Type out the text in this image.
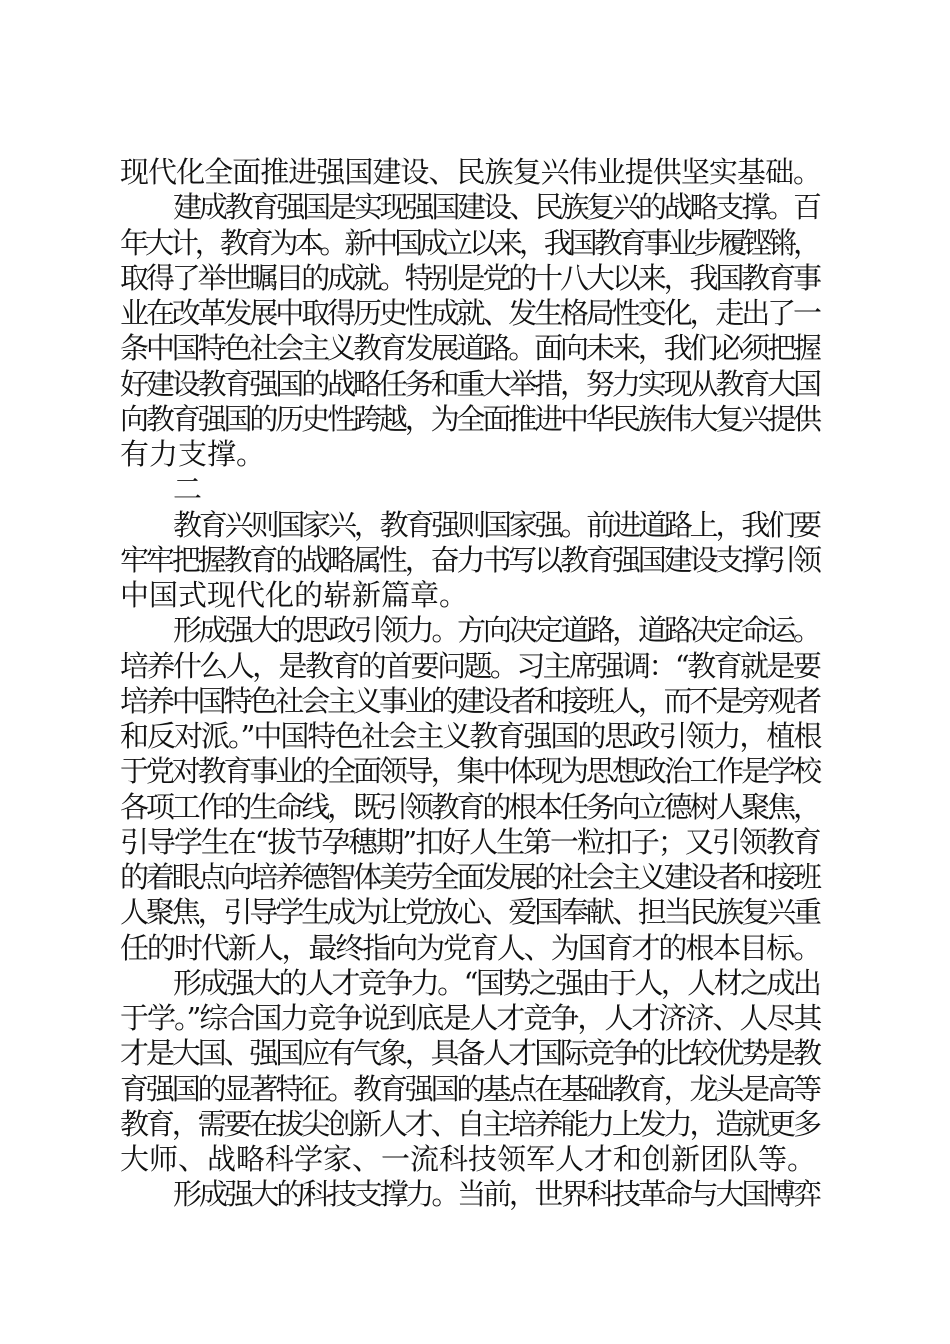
现代化全面推进强国建设、民族复兴伟业提供坚实基础。
建成教育强国是实现强国建设、民族复兴的战略支撑。百
年大计，教育为本。新中国成立以来，我国教育事业步履铿锵，
取得了举世瞩目的成就。特别是党的十八大以来，我国教育事
业在改革发展中取得历史性成就、发生格局性变化，走出了一
条中国特色社会主义教育发展道路。面向未来，我们必须把握
好建设教育强国的战略任务和重大举措，努力实现从教育大国
向教育强国的历史性跨越，为全面推进中华民族伟大复兴提供
有力支撑。
二
教育兴则国家兴，教育强则国家强。前进道路上，我们要
牢牢把握教育的战略属性，奋力书写以教育强国建设支撑引领
中国式现代化的崭新篇章。
形成强大的思政引领力。方向决定道路，道路决定命运。
培养什么人，是教育的首要问题。习主席强调：“教育就是要
培养中国特色社会主义事业的建设者和接班人，而不是旁观者
和反对派。”中国特色社会主义教育强国的思政引领力，植根
于党对教育事业的全面领导，集中体现为思想政治工作是学校
各项工作的生命线，既引领教育的根本任务向立德树人聚焦，
引导学生在“拔节孕穗期”扣好人生第一粒扣子；又引领教育
的着眼点向培养德智体美劳全面发展的社会主义建设者和接班
人聚焦，引导学生成为让党放心、爱国奉献、担当民族复兴重
任的时代新人，最终指向为党育人、为国育才的根本目标。
形成强大的人才竞争力。“国势之强由于人，人材之成出
于学。”综合国力竞争说到底是人才竞争，人才济济、人尽其
才是大国、强国应有气象，具备人才国际竞争的比较优势是教
育强国的显著特征。教育强国的基点在基础教育，龙头是高等
教育，需要在拔尖创新人才、自主培养能力上发力，造就更多
大师、战略科学家、一流科技领军人才和创新团队等。
形成强大的科技支撑力。当前，世界科技革命与大国博弈
